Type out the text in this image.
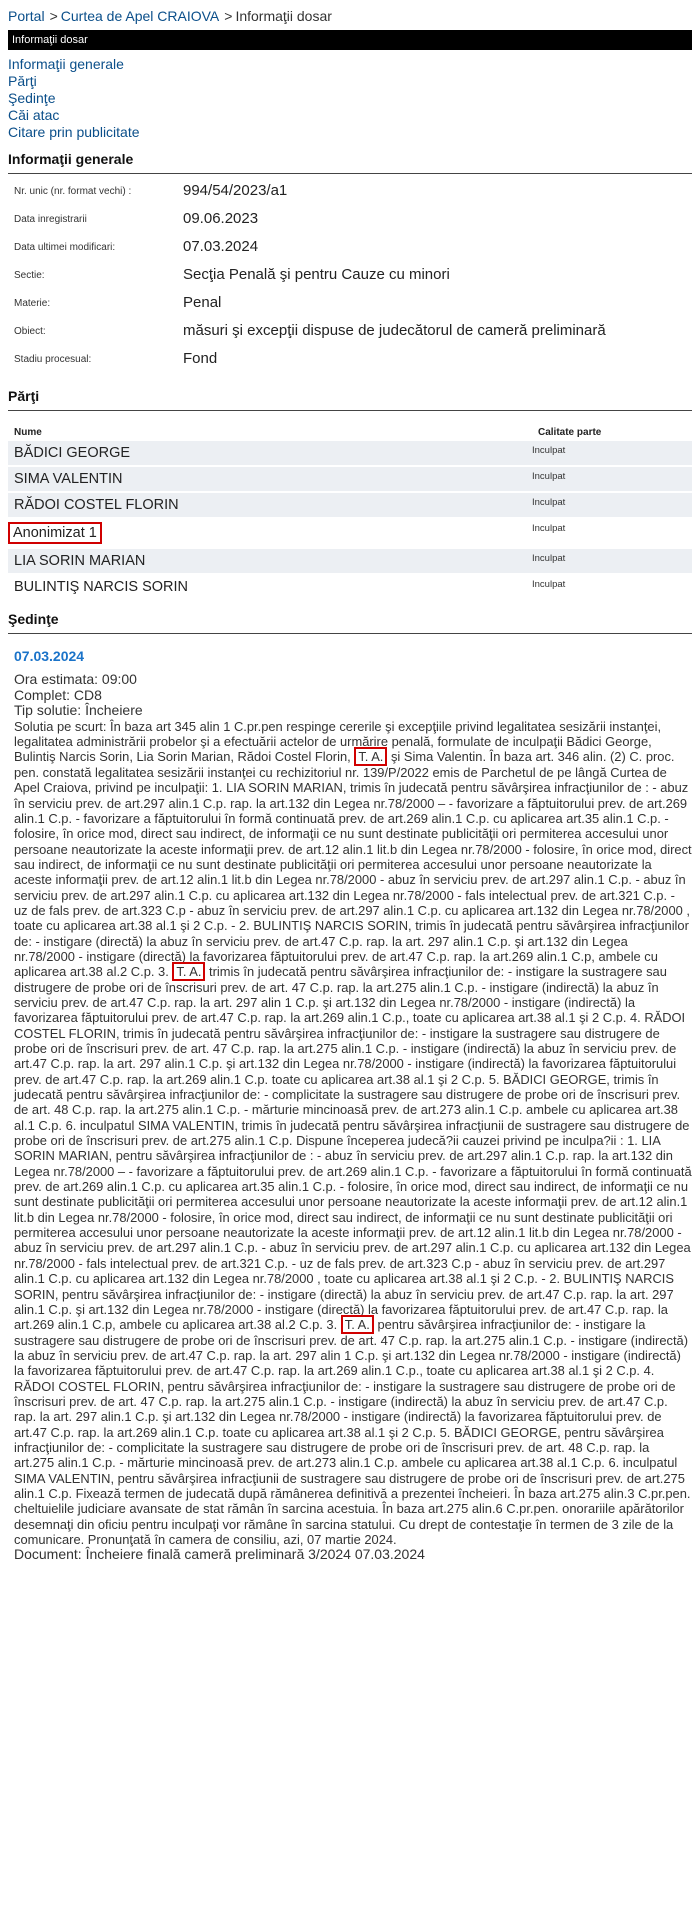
Portal > Curtea de Apel CRAIOVA > Informaţii dosar
Informaţii dosar
Informaţii generale
Părţi
Şedinţe
Căi atac
Citare prin publicitate
Informaţii generale
Nr. unic (nr. format vechi) :	994/54/2023/a1
Data inregistrarii	09.06.2023
Data ultimei modificari:	07.03.2024
Sectie:	Secţia Penală şi pentru Cauze cu minori
Materie:	Penal
Obiect:	măsuri şi excepţii dispuse de judecătorul de cameră preliminară
Stadiu procesual:	Fond
Părţi
Nume	Calitate parte
BĂDICI GEORGE	Inculpat
SIMA VALENTIN	Inculpat
RĂDOI COSTEL FLORIN	Inculpat
Anonimizat 1	Inculpat
LIA SORIN MARIAN	Inculpat
BULINTIŞ NARCIS SORIN	Inculpat
Şedinţe
07.03.2024
Ora estimata: 09:00
Complet: CD8
Tip solutie: Încheiere
Solutia pe scurt: În baza art 345 alin 1 C.pr.pen respinge cererile şi excepţiile privind legalitatea sesizării instanţei, legalitatea administrării probelor şi a efectuării actelor de urmărire penală, formulate de inculpaţii Bădici George, Bulintiş Narcis Sorin, Lia Sorin Marian, Rădoi Costel Florin, T. A. şi Sima Valentin. În baza art. 346 alin. (2) C. proc. pen. constată legalitatea sesizării instanţei cu rechizitoriul nr. 139/P/2022 emis de Parchetul de pe lângă Curtea de Apel Craiova, privind pe inculpaţii: 1. LIA SORIN MARIAN, trimis în judecată pentru săvârşirea infracţiunilor de : - abuz în serviciu prev. de art.297 alin.1 C.p. rap. la art.132 din Legea nr.78/2000 – - favorizare a făptuitorului prev. de art.269 alin.1 C.p. - favorizare a făptuitorului în formă continuată prev. de art.269 alin.1 C.p. cu aplicarea art.35 alin.1 C.p. - folosire, în orice mod, direct sau indirect, de informaţii ce nu sunt destinate publicităţii ori permiterea accesului unor persoane neautorizate la aceste informaţii prev. de art.12 alin.1 lit.b din Legea nr.78/2000 - folosire, în orice mod, direct sau indirect, de informaţii ce nu sunt destinate publicităţii ori permiterea accesului unor persoane neautorizate la aceste informaţii prev. de art.12 alin.1 lit.b din Legea nr.78/2000 - abuz în serviciu prev. de art.297 alin.1 C.p. - abuz în serviciu prev. de art.297 alin.1 C.p. cu aplicarea art.132 din Legea nr.78/2000 - fals intelectual prev. de art.321 C.p. - uz de fals prev. de art.323 C.p - abuz în serviciu prev. de art.297 alin.1 C.p. cu aplicarea art.132 din Legea nr.78/2000 , toate cu aplicarea art.38 al.1 şi 2 C.p. - 2. BULINTIŞ NARCIS SORIN, trimis în judecată pentru săvârşirea infracţiunilor de: - instigare (directă) la abuz în serviciu prev. de art.47 C.p. rap. la art. 297 alin.1 C.p. şi art.132 din Legea nr.78/2000 - instigare (directă) la favorizarea făptuitorului prev. de art.47 C.p. rap. la art.269 alin.1 C.p, ambele cu aplicarea art.38 al.2 C.p. 3. T. A. trimis în judecată pentru săvârşirea infracţiunilor de: - instigare la sustragere sau distrugere de probe ori de înscrisuri prev. de art. 47 C.p. rap. la art.275 alin.1 C.p. - instigare (indirectă) la abuz în serviciu prev. de art.47 C.p. rap. la art. 297 alin 1 C.p. şi art.132 din Legea nr.78/2000 - instigare (indirectă) la favorizarea făptuitorului prev. de art.47 C.p. rap. la art.269 alin.1 C.p., toate cu aplicarea art.38 al.1 şi 2 C.p. 4. RĂDOI COSTEL FLORIN, trimis în judecată pentru săvârşirea infracţiunilor de: - instigare la sustragere sau distrugere de probe ori de înscrisuri prev. de art. 47 C.p. rap. la art.275 alin.1 C.p. - instigare (indirectă) la abuz în serviciu prev. de art.47 C.p. rap. la art. 297 alin.1 C.p. şi art.132 din Legea nr.78/2000 - instigare (indirectă) la favorizarea făptuitorului prev. de art.47 C.p. rap. la art.269 alin.1 C.p. toate cu aplicarea art.38 al.1 şi 2 C.p. 5. BĂDICI GEORGE, trimis în judecată pentru săvârşirea infracţiunilor de: - complicitate la sustragere sau distrugere de probe ori de înscrisuri prev. de art. 48 C.p. rap. la art.275 alin.1 C.p. - mărturie mincinoasă prev. de art.273 alin.1 C.p. ambele cu aplicarea art.38 al.1 C.p. 6. inculpatul SIMA VALENTIN, trimis în judecată pentru săvârşirea infracţiunii de sustragere sau distrugere de probe ori de înscrisuri prev. de art.275 alin.1 C.p. Dispune începerea judecă?ii cauzei privind pe inculpa?ii : 1. LIA SORIN MARIAN, pentru săvârşirea infracţiunilor de : - abuz în serviciu prev. de art.297 alin.1 C.p. rap. la art.132 din Legea nr.78/2000 – - favorizare a făptuitorului prev. de art.269 alin.1 C.p. - favorizare a făptuitorului în formă continuată prev. de art.269 alin.1 C.p. cu aplicarea art.35 alin.1 C.p. - folosire, în orice mod, direct sau indirect, de informaţii ce nu sunt destinate publicităţii ori permiterea accesului unor persoane neautorizate la aceste informaţii prev. de art.12 alin.1 lit.b din Legea nr.78/2000 - folosire, în orice mod, direct sau indirect, de informaţii ce nu sunt destinate publicităţii ori permiterea accesului unor persoane neautorizate la aceste informaţii prev. de art.12 alin.1 lit.b din Legea nr.78/2000 - abuz în serviciu prev. de art.297 alin.1 C.p. - abuz în serviciu prev. de art.297 alin.1 C.p. cu aplicarea art.132 din Legea nr.78/2000 - fals intelectual prev. de art.321 C.p. - uz de fals prev. de art.323 C.p - abuz în serviciu prev. de art.297 alin.1 C.p. cu aplicarea art.132 din Legea nr.78/2000 , toate cu aplicarea art.38 al.1 şi 2 C.p. - 2. BULINTIŞ NARCIS SORIN, pentru săvârşirea infracţiunilor de: - instigare (directă) la abuz în serviciu prev. de art.47 C.p. rap. la art. 297 alin.1 C.p. şi art.132 din Legea nr.78/2000 - instigare (directă) la favorizarea făptuitorului prev. de art.47 C.p. rap. la art.269 alin.1 C.p, ambele cu aplicarea art.38 al.2 C.p. 3. T. A. pentru săvârşirea infracţiunilor de: - instigare la sustragere sau distrugere de probe ori de înscrisuri prev. de art. 47 C.p. rap. la art.275 alin.1 C.p. - instigare (indirectă) la abuz în serviciu prev. de art.47 C.p. rap. la art. 297 alin 1 C.p. şi art.132 din Legea nr.78/2000 - instigare (indirectă) la favorizarea făptuitorului prev. de art.47 C.p. rap. la art.269 alin.1 C.p., toate cu aplicarea art.38 al.1 şi 2 C.p. 4. RĂDOI COSTEL FLORIN, pentru săvârşirea infracţiunilor de: - instigare la sustragere sau distrugere de probe ori de înscrisuri prev. de art. 47 C.p. rap. la art.275 alin.1 C.p. - instigare (indirectă) la abuz în serviciu prev. de art.47 C.p. rap. la art. 297 alin.1 C.p. şi art.132 din Legea nr.78/2000 - instigare (indirectă) la favorizarea făptuitorului prev. de art.47 C.p. rap. la art.269 alin.1 C.p. toate cu aplicarea art.38 al.1 şi 2 C.p. 5. BĂDICI GEORGE, pentru săvârşirea infracţiunilor de: - complicitate la sustragere sau distrugere de probe ori de înscrisuri prev. de art. 48 C.p. rap. la art.275 alin.1 C.p. - mărturie mincinoasă prev. de art.273 alin.1 C.p. ambele cu aplicarea art.38 al.1 C.p. 6. inculpatul SIMA VALENTIN, pentru săvârşirea infracţiunii de sustragere sau distrugere de probe ori de înscrisuri prev. de art.275 alin.1 C.p. Fixează termen de judecată după rămânerea definitivă a prezentei încheieri. În baza art.275 alin.3 C.pr.pen. cheltuielile judiciare avansate de stat rămân în sarcina acestuia. În baza art.275 alin.6 C.pr.pen. onorariile apărătorilor desemnaţi din oficiu pentru inculpaţi vor rămâne în sarcina statului. Cu drept de contestaţie în termen de 3 zile de la comunicare. Pronunţată în camera de consiliu, azi, 07 martie 2024.
Document: Încheiere finală cameră preliminară 3/2024 07.03.2024
